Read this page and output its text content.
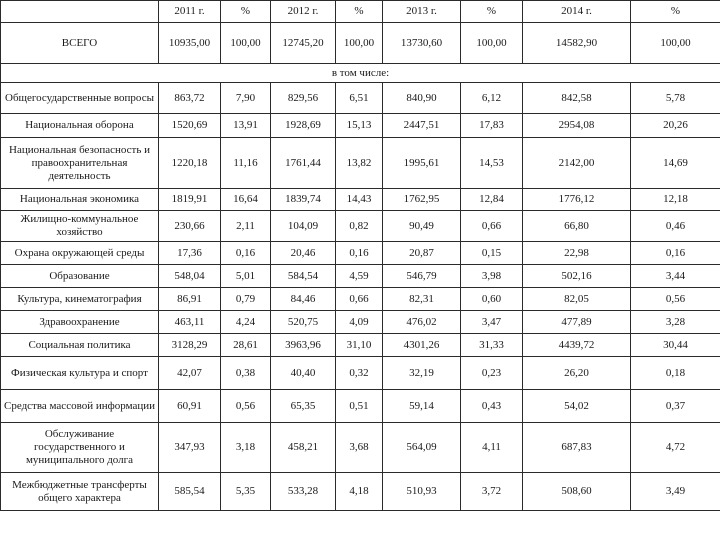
	2011 г.	%	2012 г.	%	2013 г.	%	2014 г.	%
ВСЕГО	10935,00	100,00	12745,20	100,00	13730,60	100,00	14582,90	100,00
в том числе:								
Общегосударственные вопросы	863,72	7,90	829,56	6,51	840,90	6,12	842,58	5,78
Национальная оборона	1520,69	13,91	1928,69	15,13	2447,51	17,83	2954,08	20,26
Национальная безопасность и правоохранительная деятельность	1220,18	11,16	1761,44	13,82	1995,61	14,53	2142,00	14,69
Национальная экономика	1819,91	16,64	1839,74	14,43	1762,95	12,84	1776,12	12,18
Жилищно-коммунальное хозяйство	230,66	2,11	104,09	0,82	90,49	0,66	66,80	0,46
Охрана окружающей среды	17,36	0,16	20,46	0,16	20,87	0,15	22,98	0,16
Образование	548,04	5,01	584,54	4,59	546,79	3,98	502,16	3,44
Культура, кинематография	86,91	0,79	84,46	0,66	82,31	0,60	82,05	0,56
Здравоохранение	463,11	4,24	520,75	4,09	476,02	3,47	477,89	3,28
Социальная политика	3128,29	28,61	3963,96	31,10	4301,26	31,33	4439,72	30,44
Физическая культура и спорт	42,07	0,38	40,40	0,32	32,19	0,23	26,20	0,18
Средства массовой информации	60,91	0,56	65,35	0,51	59,14	0,43	54,02	0,37
Обслуживание государственного и муниципального долга	347,93	3,18	458,21	3,68	564,09	4,11	687,83	4,72
Межбюджетные трансферты общего характера	585,54	5,35	533,28	4,18	510,93	3,72	508,60	3,49
